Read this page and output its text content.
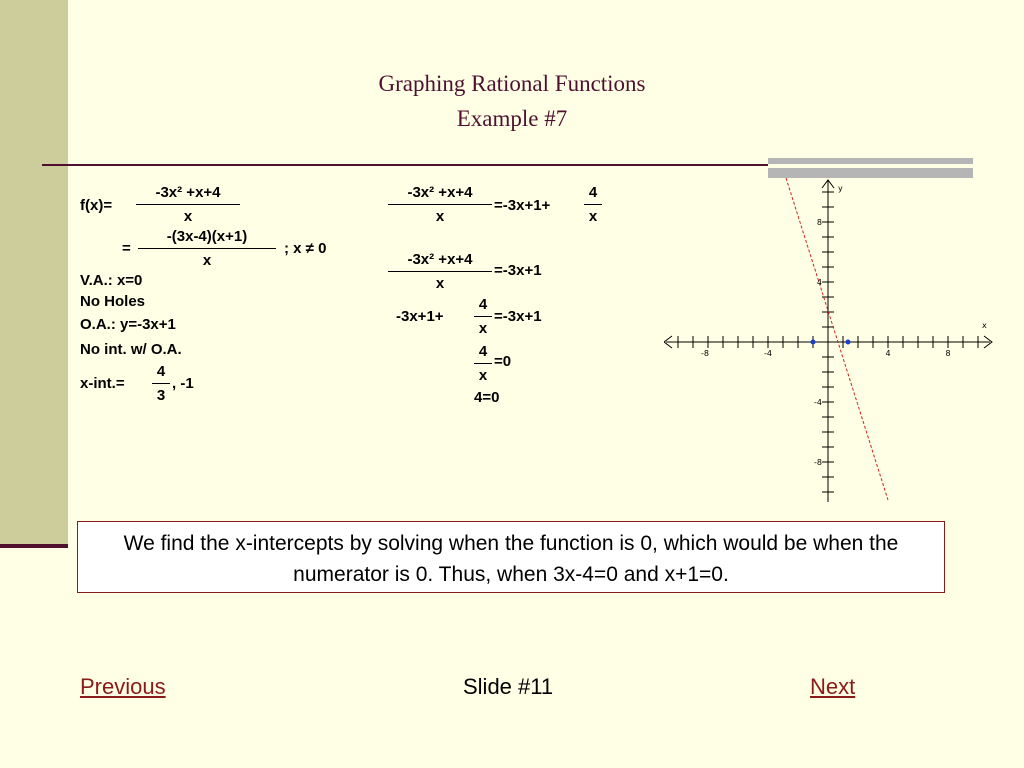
Graphing Rational Functions
Example #7
f(x)=
-3x² +x+4
x
=
-(3x-4)(x+1)
x
; x ≠ 0
V.A.: x=0
No Holes
O.A.: y=-3x+1
No int. w/ O.A.
x-int.=
4
3
, -1
-3x² +x+4
x
=-3x+1+
4
x
-3x² +x+4
x
=-3x+1
-3x+1+
4
x
=-3x+1
4
x
=0
4=0
x
y
-8	-4	4	8
8
4
-4
-8
We find the x-intercepts by solving when the function is 0, which would be when the numerator is 0. Thus, when 3x-4=0 and x+1=0.
Previous	Slide #11	Next
